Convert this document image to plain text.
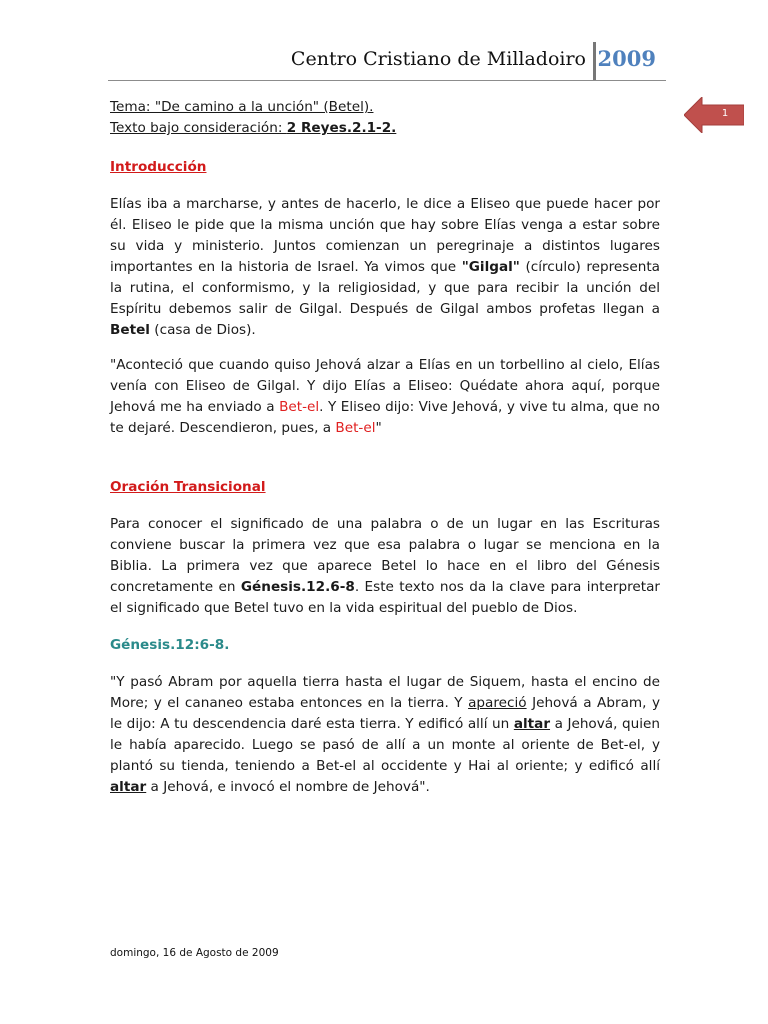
Centro Cristiano de Milladoiro 2009
1
Tema: "De camino a la unción" (Betel).
Texto bajo consideración: 2 Reyes.2.1-2.
Introducción
Elías iba a marcharse, y antes de hacerlo, le dice a Eliseo que puede hacer por él. Eliseo le pide que la misma unción que hay sobre Elías venga a estar sobre su vida y ministerio. Juntos comienzan un peregrinaje a distintos lugares importantes en la historia de Israel. Ya vimos que "Gilgal" (círculo) representa la rutina, el conformismo, y la religiosidad, y que para recibir la unción del Espíritu debemos salir de Gilgal. Después de Gilgal ambos profetas llegan a Betel (casa de Dios).
"Aconteció que cuando quiso Jehová alzar a Elías en un torbellino al cielo, Elías venía con Eliseo de Gilgal. Y dijo Elías a Eliseo: Quédate ahora aquí, porque Jehová me ha enviado a Bet-el. Y Eliseo dijo: Vive Jehová, y vive tu alma, que no te dejaré. Descendieron, pues, a Bet-el"
Oración Transicional
Para conocer el significado de una palabra o de un lugar en las Escrituras conviene buscar la primera vez que esa palabra o lugar se menciona en la Biblia. La primera vez que aparece Betel lo hace en el libro del Génesis concretamente en Génesis.12.6-8. Este texto nos da la clave para interpretar el significado que Betel tuvo en la vida espiritual del pueblo de Dios.
Génesis.12:6-8.
"Y pasó Abram por aquella tierra hasta el lugar de Siquem, hasta el encino de More; y el cananeo estaba entonces en la tierra. Y apareció Jehová a Abram, y le dijo: A tu descendencia daré esta tierra. Y edificó allí un altar a Jehová, quien le había aparecido. Luego se pasó de allí a un monte al oriente de Bet-el, y plantó su tienda, teniendo a Bet-el al occidente y Hai al oriente; y edificó allí altar a Jehová, e invocó el nombre de Jehová".
domingo, 16 de Agosto de 2009
